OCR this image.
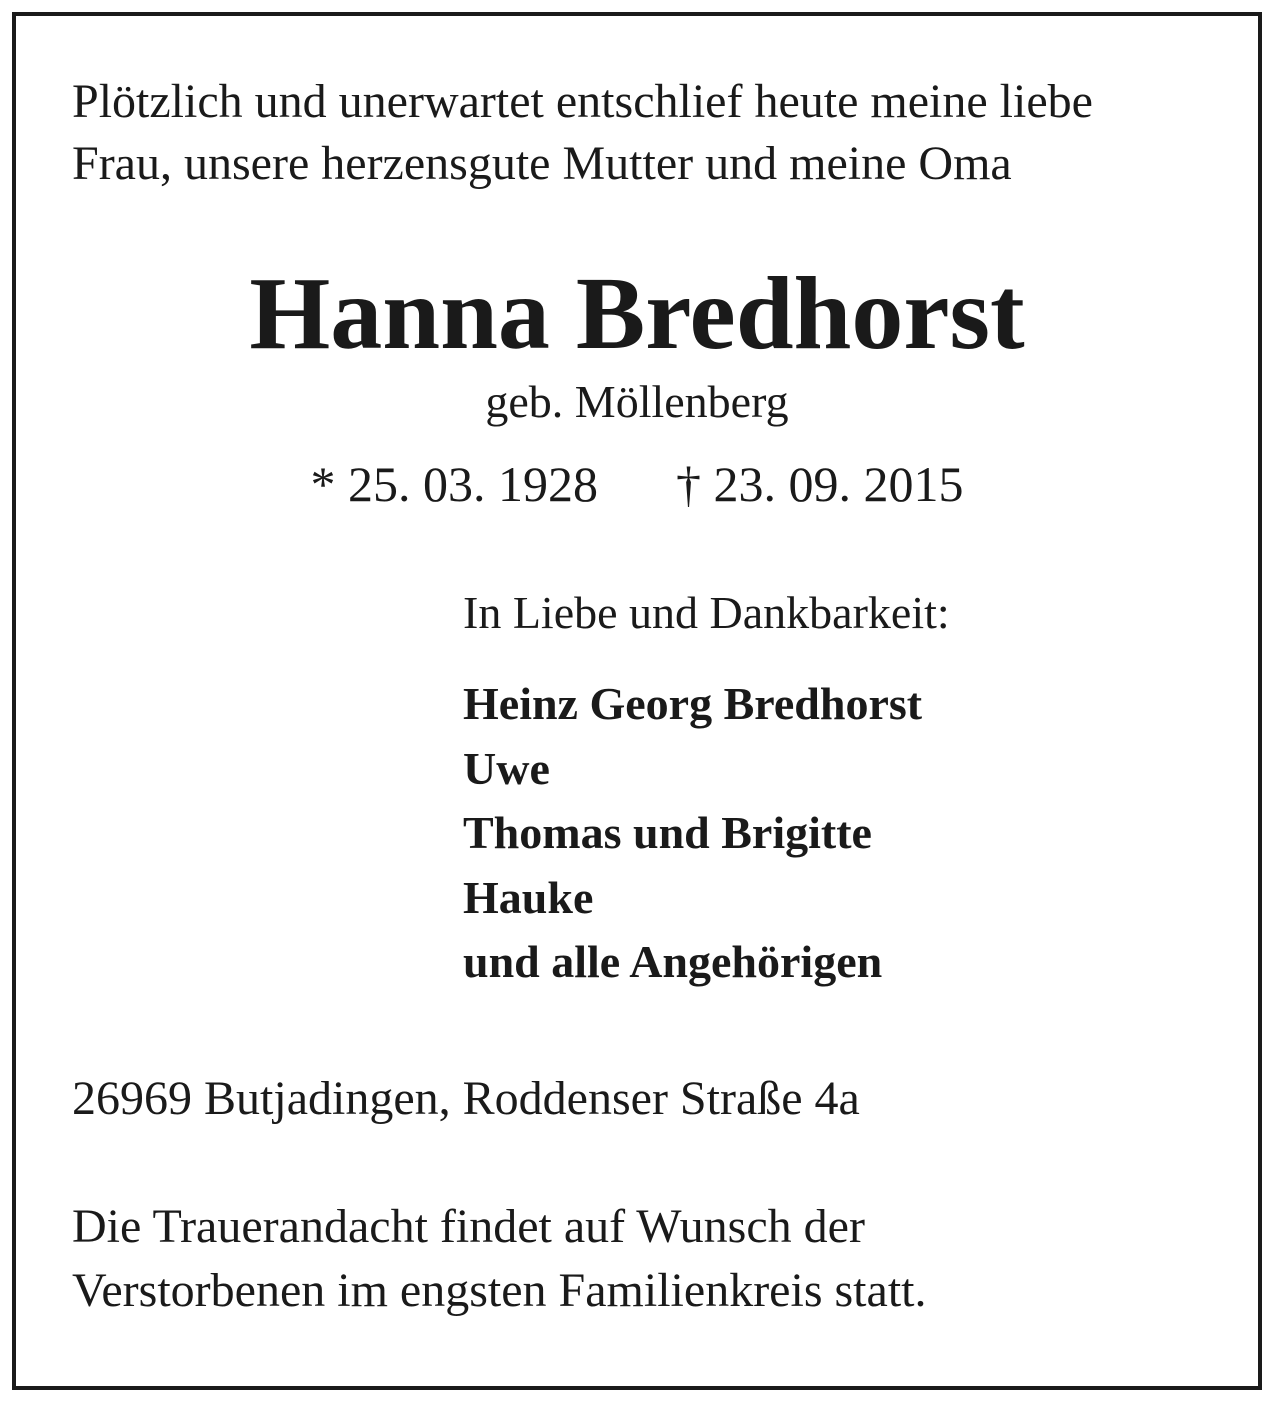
Plötzlich und unerwartet entschlief heute meine liebe

Frau, unsere herzensgute Mutter und meine Oma

Hanna Bredhorst

geb. Möllenberg

* 25. 03. 1928 † 23. 09. 2015

In Liebe und Dankbarkeit:

Heinz Georg Bredhorst
Uwe
Thomas und Brigitte
Hauke
und alle Angehörigen

26969 Butjadingen, Roddenser Straße 4a

Die Trauerandacht findet auf Wunsch der

Verstorbenen im engsten Familienkreis statt.
